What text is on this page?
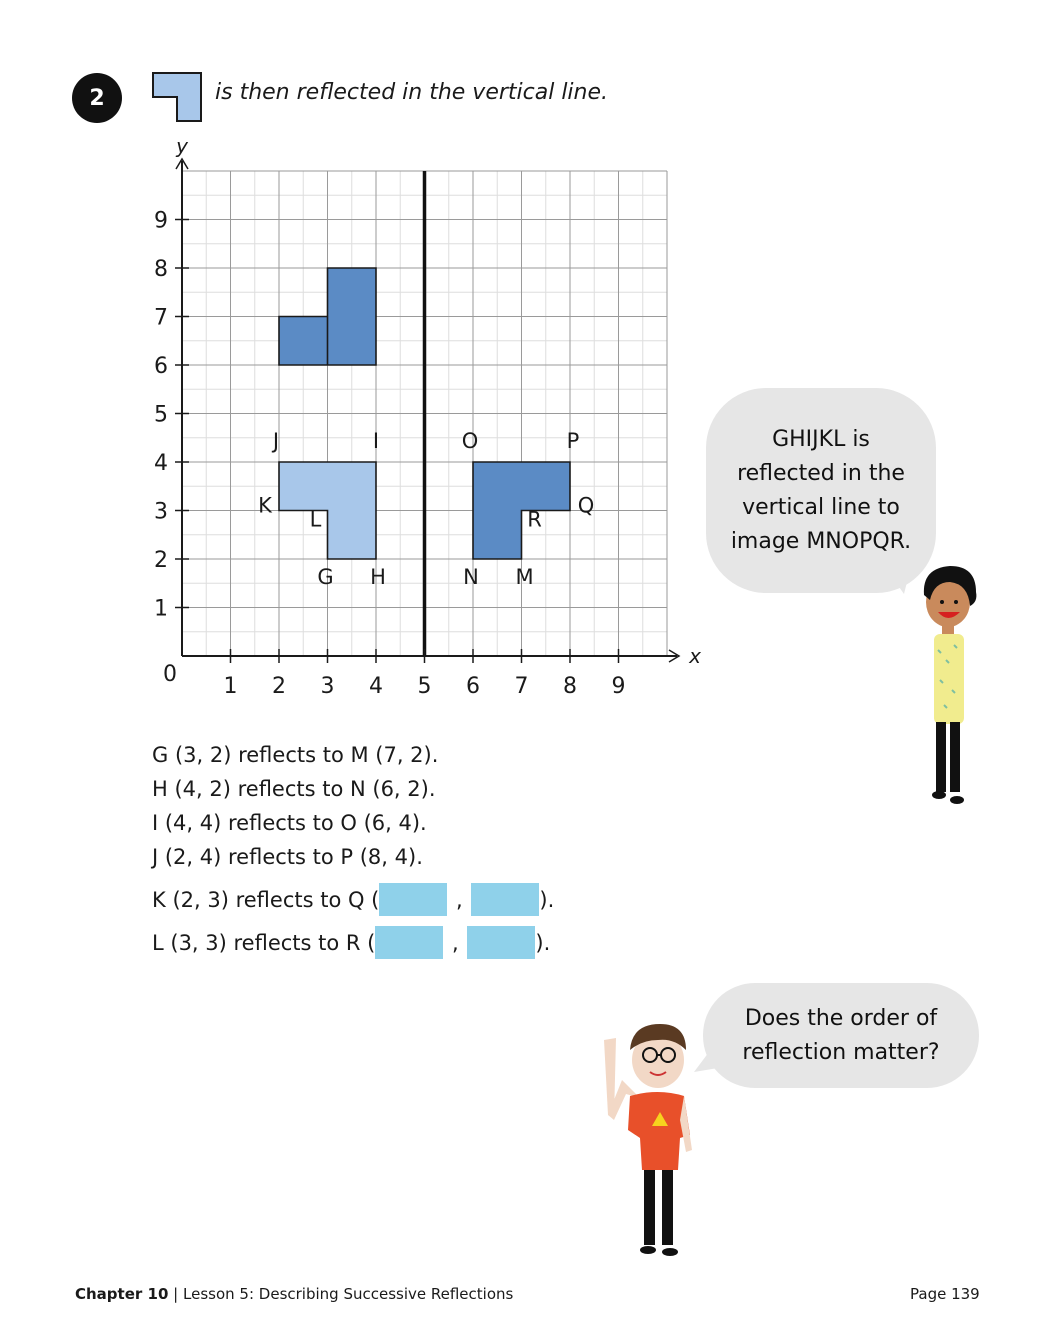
2	is then reflected in the vertical line.
1 2 3 4 5 6 7 8 9
1
2
3
4
5
6
7
8
9
0
x
y
J	I
K
L
G H
O	P
Q
R
N M
G (3, 2) reflects to M (7, 2).
H (4, 2) reflects to N (6, 2).
I (4, 4) reflects to O (6, 4).
J (2, 4) reflects to P (8, 4).
K (2, 3) reflects to Q (	,	).
L (3, 3) reflects to R (	,	).
GHIJKL is reflected in the vertical line to image MNOPQR.
Does the order of reflection matter?
Chapter 10 | Lesson 5: Describing Successive Reflections	Page 139
